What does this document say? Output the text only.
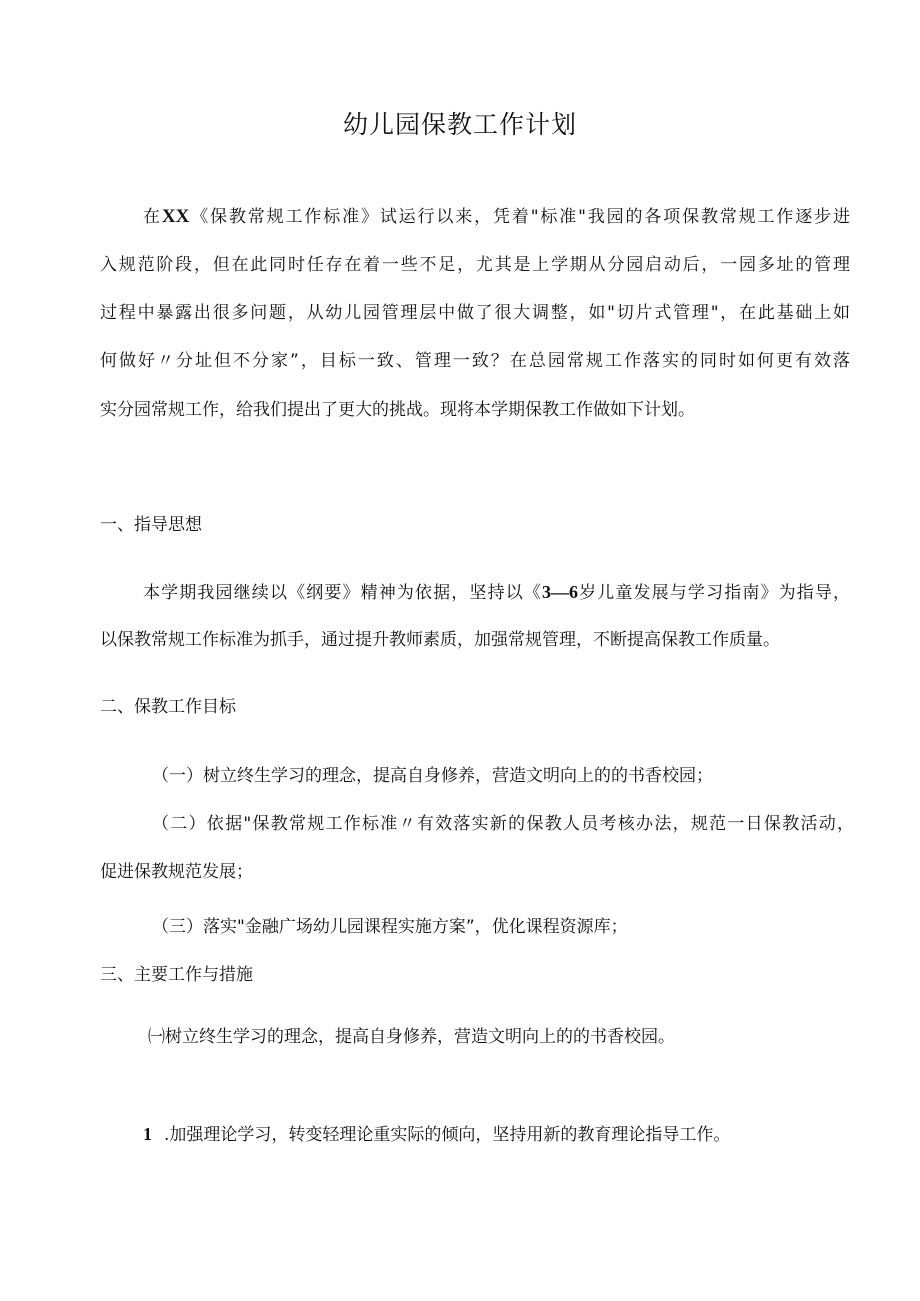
幼儿园保教工作计划
在XX《保教常规工作标准》试运行以来，凭着"标准"我园的各项保教常规工作逐步进
入规范阶段，但在此同时任存在着一些不足，尤其是上学期从分园启动后，一园多址的管理
过程中暴露出很多问题，从幼儿园管理层中做了很大调整，如"切片式管理"，在此基础上如
何做好〃分址但不分家”，目标一致、管理一致？在总园常规工作落实的同时如何更有效落
实分园常规工作，给我们提出了更大的挑战。现将本学期保教工作做如下计划。
一、指导思想
本学期我园继续以《纲要》精神为依据，坚持以《3—6岁儿童发展与学习指南》为指导，
以保教常规工作标准为抓手，通过提升教师素质，加强常规管理，不断提高保教工作质量。
二、保教工作目标
（一）树立终生学习的理念，提高自身修养，营造文明向上的的书香校园；
（二）依据"保教常规工作标准〃有效落实新的保教人员考核办法，规范一日保教活动，
促进保教规范发展；
（三）落实"金融广场幼儿园课程实施方案”，优化课程资源库；
三、主要工作与措施
㈠树立终生学习的理念，提高自身修养，营造文明向上的的书香校园。
1 .加强理论学习，转变轻理论重实际的倾向，坚持用新的教育理论指导工作。
